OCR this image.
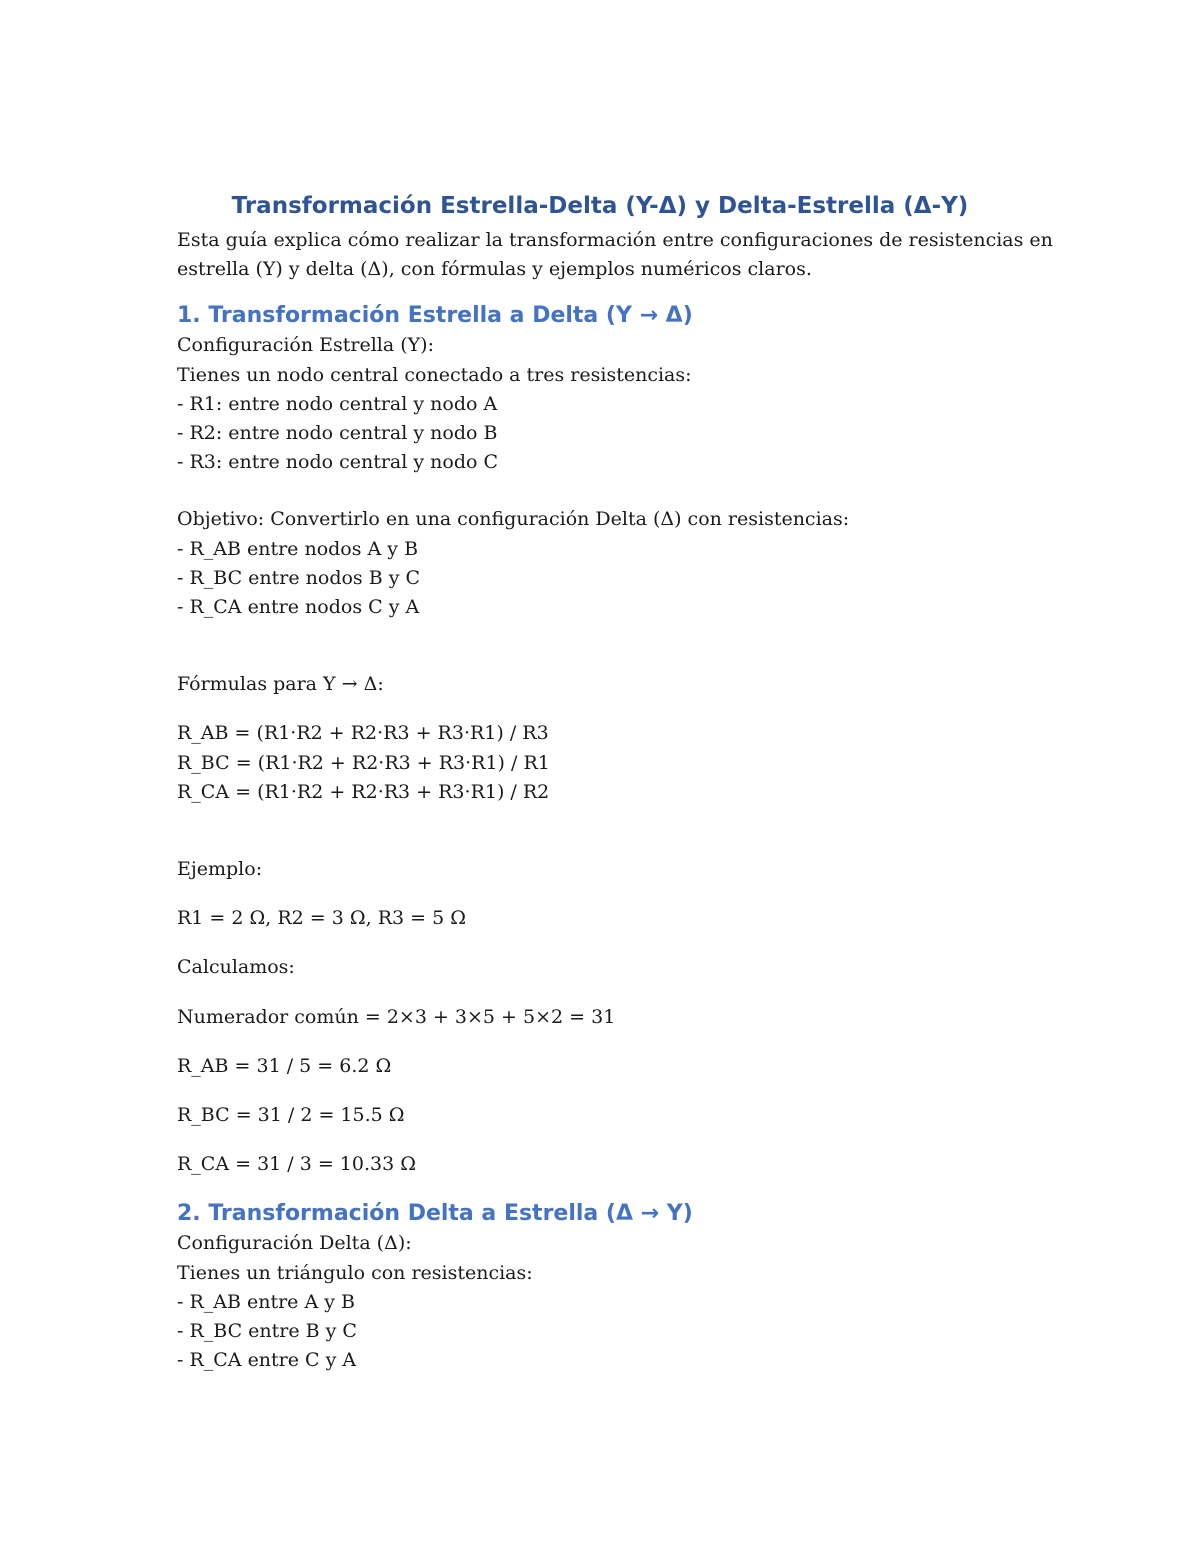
Transformación Estrella-Delta (Y-Δ) y Delta-Estrella (Δ-Y)

Esta guía explica cómo realizar la transformación entre configuraciones de resistencias en

estrella (Y) y delta (Δ), con fórmulas y ejemplos numéricos claros.

1. Transformación Estrella a Delta (Y → Δ)

Configuración Estrella (Y):

Tienes un nodo central conectado a tres resistencias:

- R1: entre nodo central y nodo A

- R2: entre nodo central y nodo B

- R3: entre nodo central y nodo C

Objetivo: Convertirlo en una configuración Delta (Δ) con resistencias:

- R_AB entre nodos A y B

- R_BC entre nodos B y C

- R_CA entre nodos C y A

Fórmulas para Y → Δ:

R_AB = (R1·R2 + R2·R3 + R3·R1) / R3

R_BC = (R1·R2 + R2·R3 + R3·R1) / R1

R_CA = (R1·R2 + R2·R3 + R3·R1) / R2

Ejemplo:

R1 = 2 Ω, R2 = 3 Ω, R3 = 5 Ω

Calculamos:

Numerador común = 2×3 + 3×5 + 5×2 = 31

R_AB = 31 / 5 = 6.2 Ω

R_BC = 31 / 2 = 15.5 Ω

R_CA = 31 / 3 = 10.33 Ω

2. Transformación Delta a Estrella (Δ → Y)

Configuración Delta (Δ):

Tienes un triángulo con resistencias:

- R_AB entre A y B

- R_BC entre B y C

- R_CA entre C y A
